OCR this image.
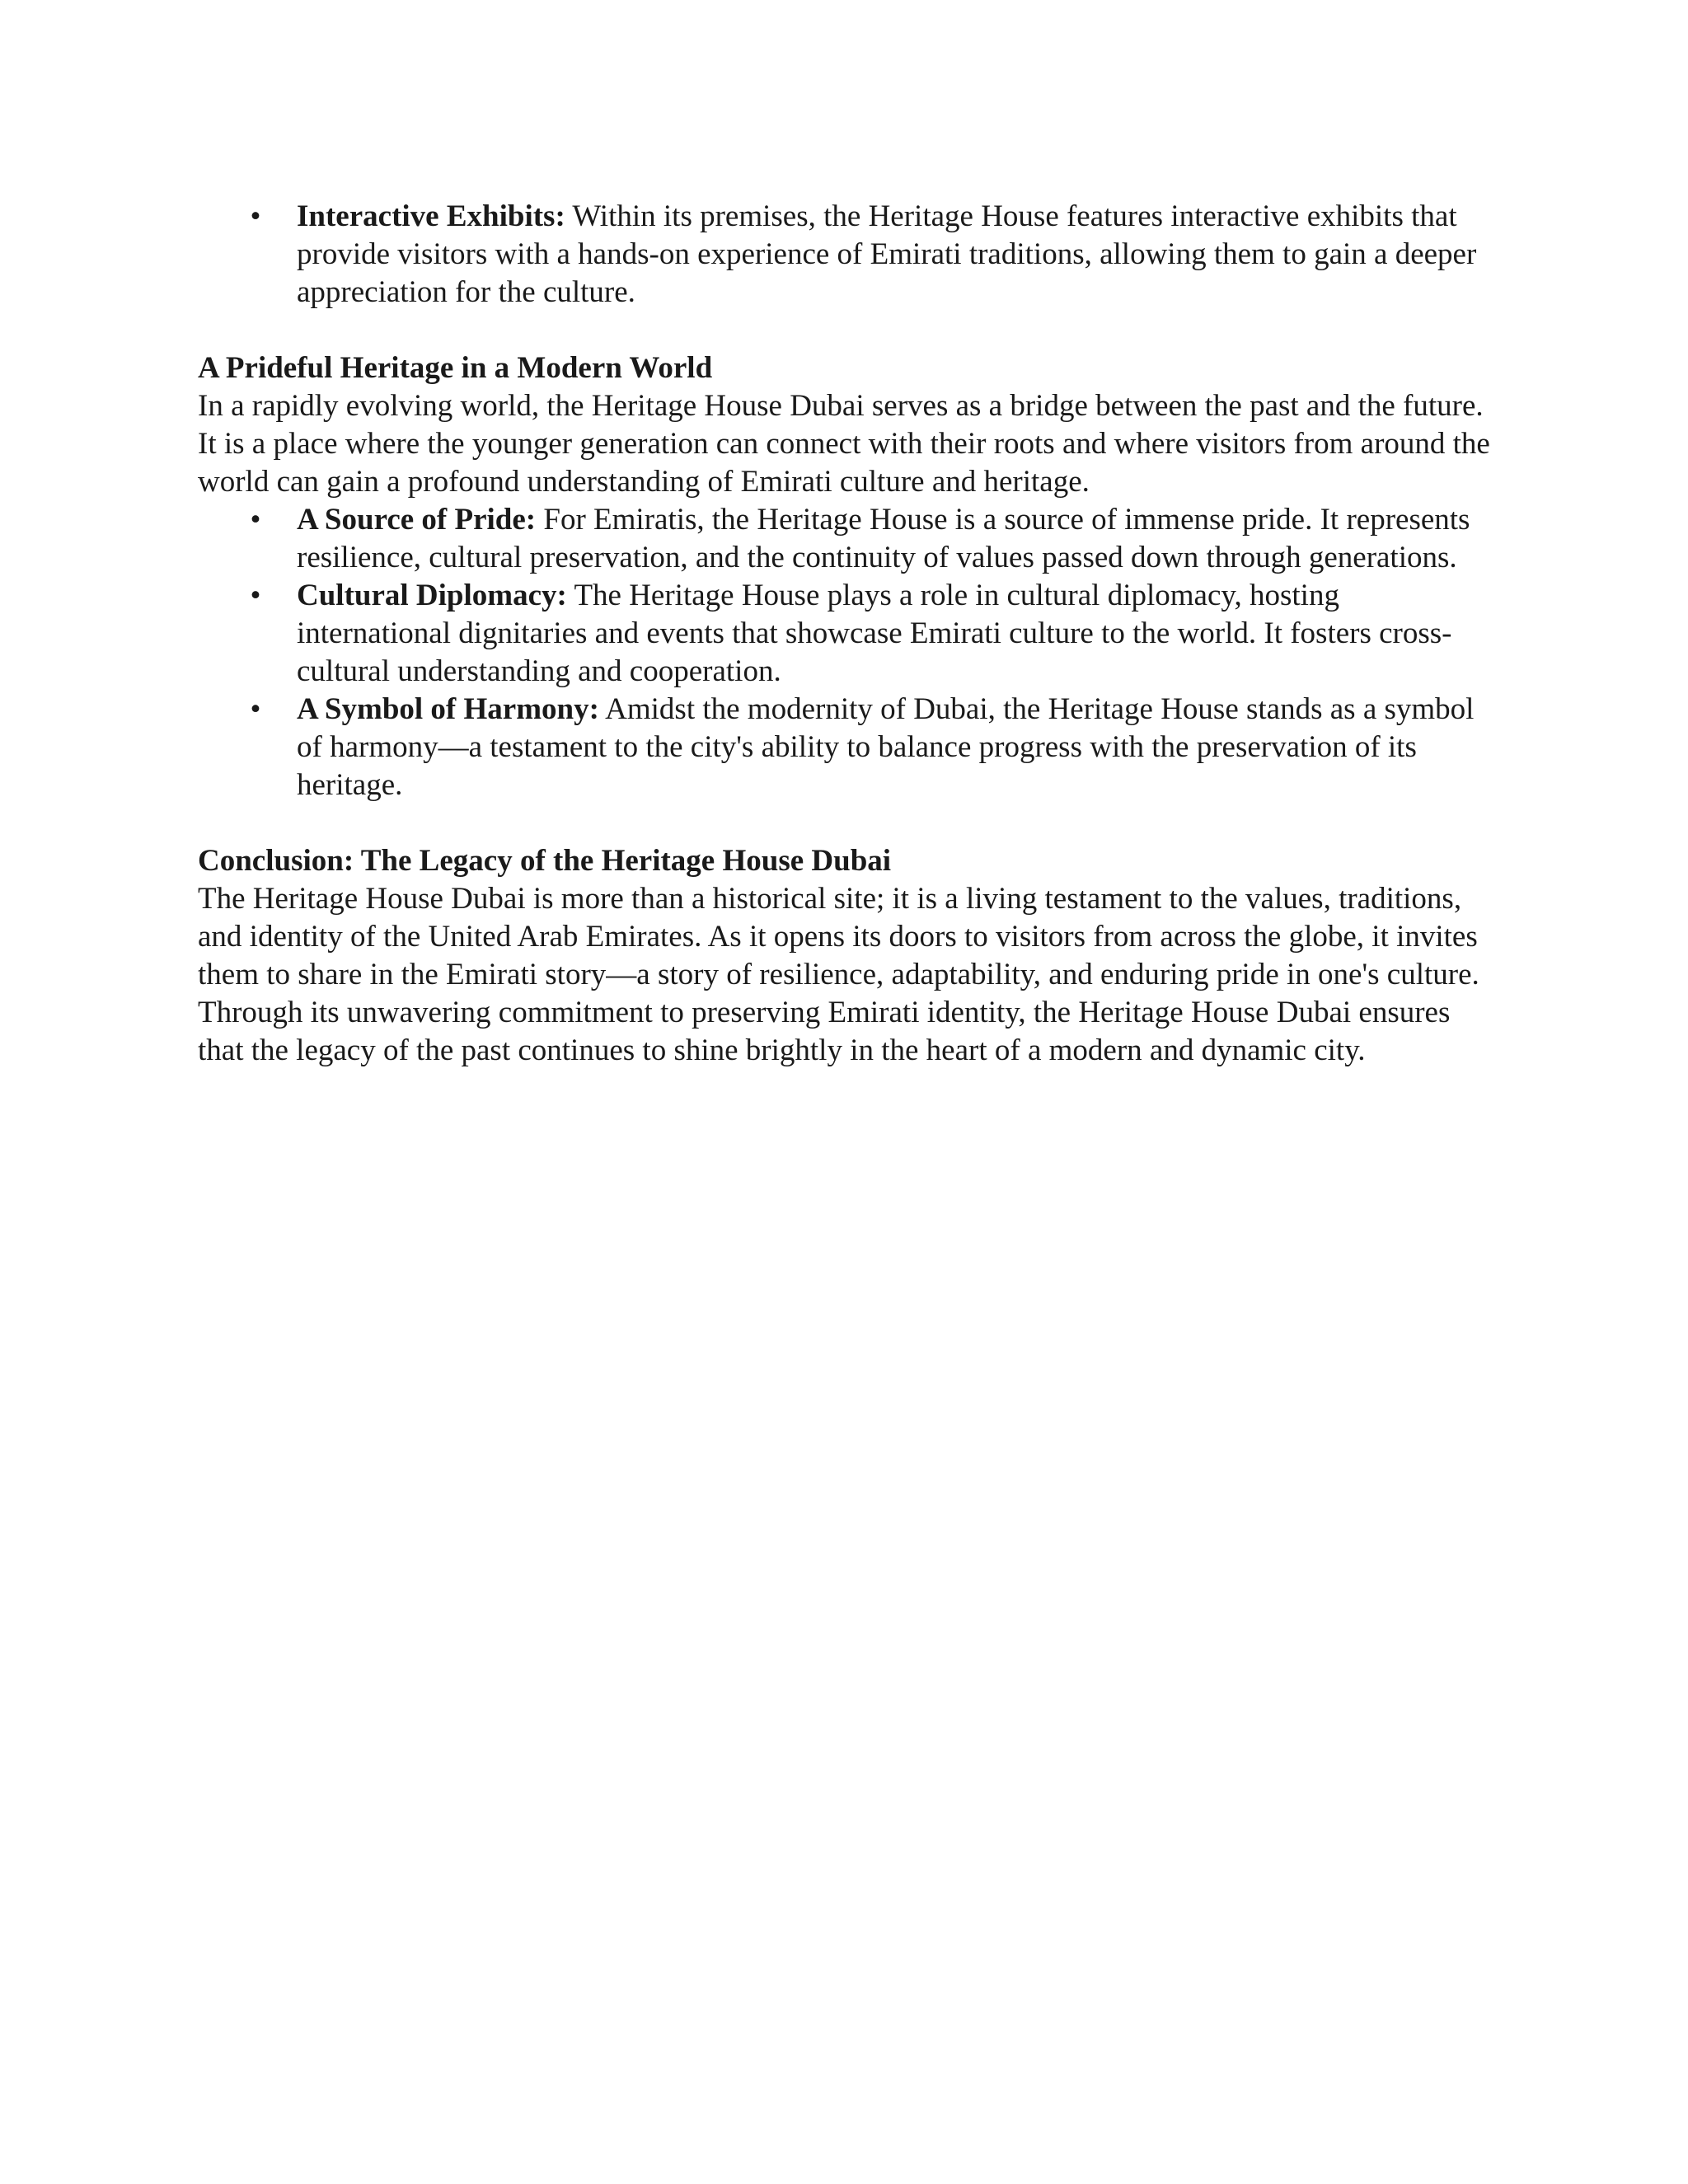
• Interactive Exhibits: Within its premises, the Heritage House features interactive exhibits that provide visitors with a hands-on experience of Emirati traditions, allowing them to gain a deeper appreciation for the culture.

A Prideful Heritage in a Modern World

In a rapidly evolving world, the Heritage House Dubai serves as a bridge between the past and the future. It is a place where the younger generation can connect with their roots and where visitors from around the world can gain a profound understanding of Emirati culture and heritage.

• A Source of Pride: For Emiratis, the Heritage House is a source of immense pride. It represents resilience, cultural preservation, and the continuity of values passed down through generations.
• Cultural Diplomacy: The Heritage House plays a role in cultural diplomacy, hosting international dignitaries and events that showcase Emirati culture to the world. It fosters cross-cultural understanding and cooperation.
• A Symbol of Harmony: Amidst the modernity of Dubai, the Heritage House stands as a symbol of harmony—a testament to the city's ability to balance progress with the preservation of its heritage.

Conclusion: The Legacy of the Heritage House Dubai

The Heritage House Dubai is more than a historical site; it is a living testament to the values, traditions, and identity of the United Arab Emirates. As it opens its doors to visitors from across the globe, it invites them to share in the Emirati story—a story of resilience, adaptability, and enduring pride in one's culture. Through its unwavering commitment to preserving Emirati identity, the Heritage House Dubai ensures that the legacy of the past continues to shine brightly in the heart of a modern and dynamic city.
